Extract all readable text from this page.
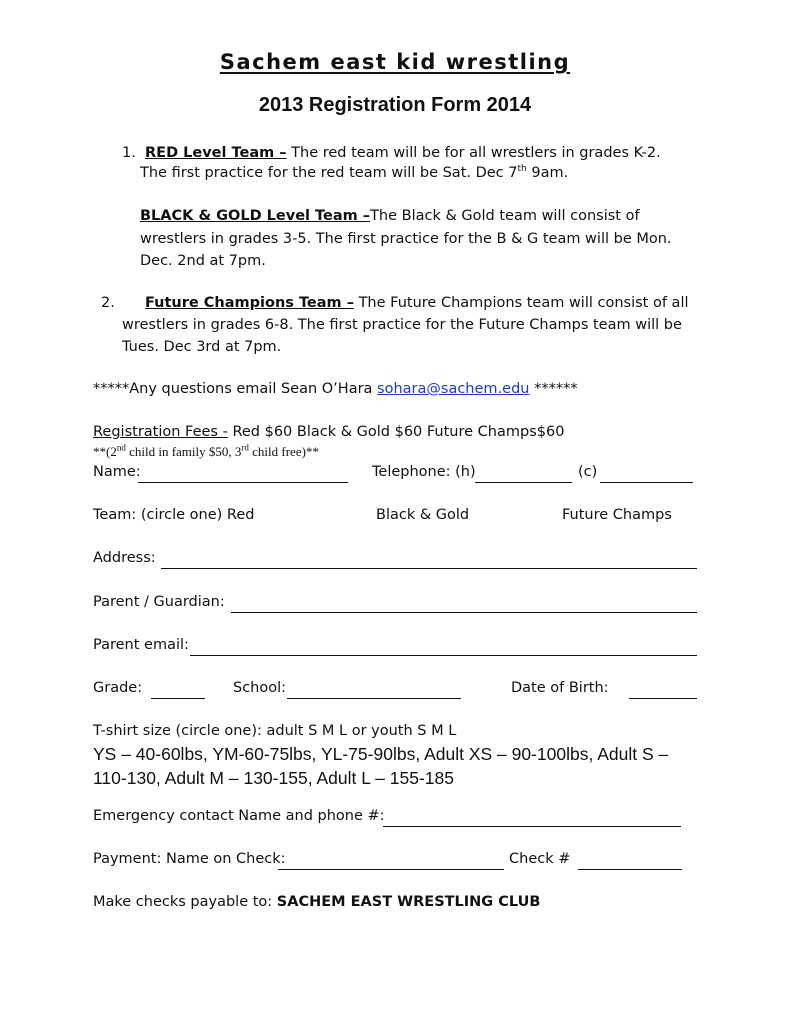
Sachem east kid wrestling
2013 Registration Form 2014
1. RED Level Team – The red team will be for all wrestlers in grades K-2.
The first practice for the red team will be Sat. Dec 7th 9am.
BLACK & GOLD Level Team –The Black & Gold team will consist of
wrestlers in grades 3-5. The first practice for the B & G team will be Mon.
Dec. 2nd at 7pm.
2. Future Champions Team – The Future Champions team will consist of all
wrestlers in grades 6-8. The first practice for the Future Champs team will be
Tues. Dec 3rd at 7pm.
*****Any questions email Sean O’Hara sohara@sachem.edu ******
Registration Fees - Red $60 Black & Gold $60 Future Champs$60
**(2nd child in family $50, 3rd child free)**
Name:	Telephone: (h)	(c)
Team: (circle one) Red	Black & Gold	Future Champs
Address:
Parent / Guardian:
Parent email:
Grade:	School:	Date of Birth:
T-shirt size (circle one): adult S M L or youth S M L
YS – 40-60lbs, YM-60-75lbs, YL-75-90lbs, Adult XS – 90-100lbs, Adult S –
110-130, Adult M – 130-155, Adult L – 155-185
Emergency contact Name and phone #:
Payment: Name on Check:	Check #
Make checks payable to: SACHEM EAST WRESTLING CLUB
